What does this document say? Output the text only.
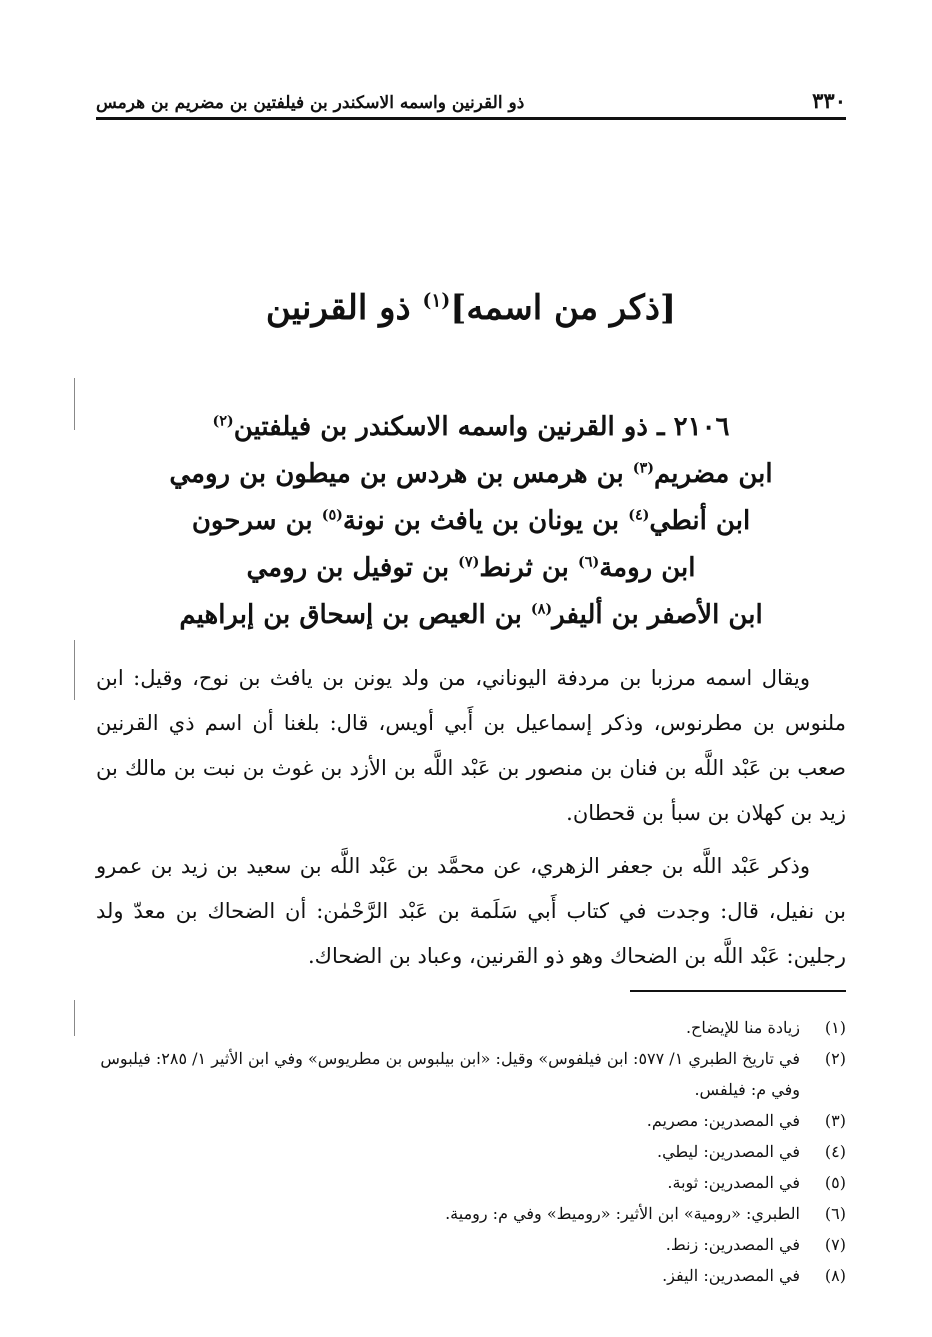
٣٣٠
ذو القرنين واسمه الاسكندر بن فيلفتين بن مضريم بن هرمس
[ذكر من اسمه]$^{(١)}$ ذو القرنين
٢١٠٦ ـ ذو القرنين واسمه الاسكندر بن فيلفتين$^{(٢)}$
ابن مضريم$^{(٣)}$ بن هرمس بن هردس بن ميطون بن رومي
ابن أنطي$^{(٤)}$ بن يونان بن يافث بن نونة$^{(٥)}$ بن سرحون
ابن رومة$^{(٦)}$ بن ثرنط$^{(٧)}$ بن توفيل بن رومي
ابن الأصفر بن أليفر$^{(٨)}$ بن العيص بن إسحاق بن إبراهيم

ويقال اسمه مرزبا بن مردفة اليوناني، من ولد يونن بن يافث بن نوح، وقيل: ابن ملنوس بن مطرنوس، وذكر إسماعيل بن أَبي أويس، قال: بلغنا أن اسم ذي القرنين صعب بن عَبْد اللَّه بن فنان بن منصور بن عَبْد اللَّه بن الأزد بن غوث بن نبت بن مالك بن زيد بن كهلان بن سبأ بن قحطان.

وذكر عَبْد اللَّه بن جعفر الزهري، عن محمَّد بن عَبْد اللَّه بن سعيد بن زيد بن عمرو بن نفيل، قال: وجدت في كتاب أَبي سَلَمة بن عَبْد الرَّحْمٰن: أن الضحاك بن معدّ ولد رجلين: عَبْد اللَّه بن الضحاك وهو ذو القرنين، وعباد بن الضحاك.

(١)
زيادة منا للإيضاح.
(٢)
في تاريخ الطبري ١/ ٥٧٧: ابن فيلفوس» وقيل: «ابن بيلبوس بن مطريوس» وفي ابن الأثير ١/ ٢٨٥: فيلبوس وفي م: فيلفس.
(٣)
في المصدرين: مصريم.
(٤)
في المصدرين: ليطي.
(٥)
في المصدرين: ثوبة.
(٦)
الطبري: «رومية» ابن الأثير: «روميط» وفي م: رومية.
(٧)
في المصدرين: زنط.
(٨)
في المصدرين: اليفز.
